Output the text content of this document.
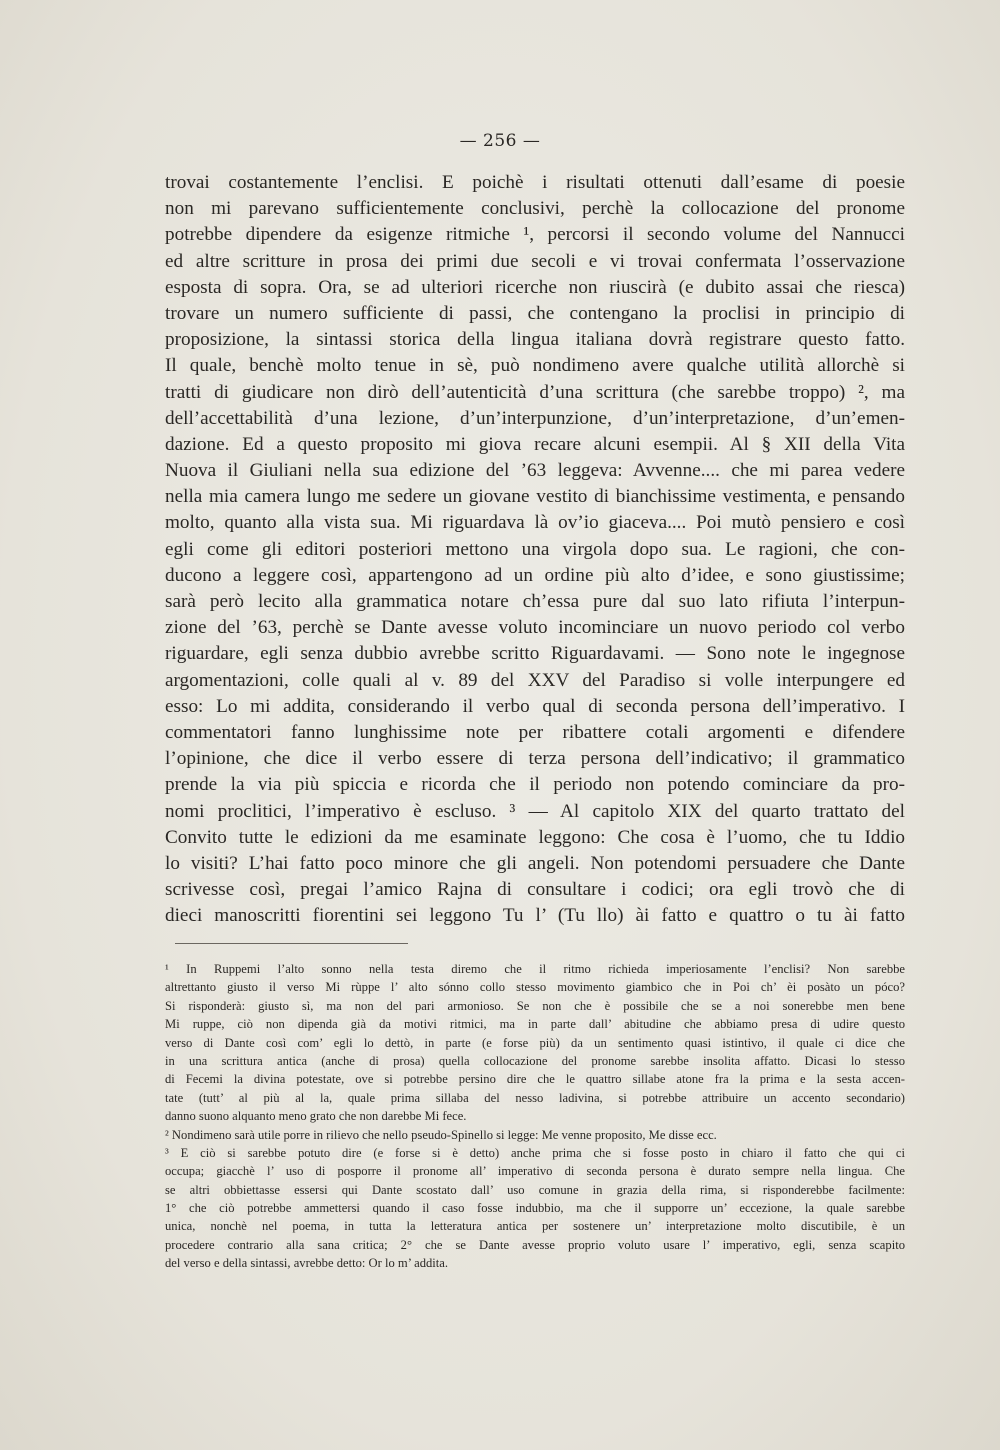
— 256 —
trovai costantemente l’enclisi. E poichè i risultati ottenuti dall’esame di poesie
non mi parevano sufficientemente conclusivi, perchè la collocazione del pronome
potrebbe dipendere da esigenze ritmiche ¹, percorsi il secondo volume del Nannucci
ed altre scritture in prosa dei primi due secoli e vi trovai confermata l’osservazione
esposta di sopra. Ora, se ad ulteriori ricerche non riuscirà (e dubito assai che riesca)
trovare un numero sufficiente di passi, che contengano la proclisi in principio di
proposizione, la sintassi storica della lingua italiana dovrà registrare questo fatto.
Il quale, benchè molto tenue in sè, può nondimeno avere qualche utilità allorchè si
tratti di giudicare non dirò dell’autenticità d’una scrittura (che sarebbe troppo) ², ma
dell’accettabilità d’una lezione, d’un’interpunzione, d’un’interpretazione, d’un’emen-
dazione. Ed a questo proposito mi giova recare alcuni esempii. Al § XII della Vita
Nuova il Giuliani nella sua edizione del ’63 leggeva: Avvenne.... che mi parea vedere
nella mia camera lungo me sedere un giovane vestito di bianchissime vestimenta, e pensando
molto, quanto alla vista sua. Mi riguardava là ov’io giaceva.... Poi mutò pensiero e così
egli come gli editori posteriori mettono una virgola dopo sua. Le ragioni, che con-
ducono a leggere così, appartengono ad un ordine più alto d’idee, e sono giustissime;
sarà però lecito alla grammatica notare ch’essa pure dal suo lato rifiuta l’interpun-
zione del ’63, perchè se Dante avesse voluto incominciare un nuovo periodo col verbo
riguardare, egli senza dubbio avrebbe scritto Riguardavami. — Sono note le ingegnose
argomentazioni, colle quali al v. 89 del XXV del Paradiso si volle interpungere ed
esso: Lo mi addita, considerando il verbo qual di seconda persona dell’imperativo. I
commentatori fanno lunghissime note per ribattere cotali argomenti e difendere
l’opinione, che dice il verbo essere di terza persona dell’indicativo; il grammatico
prende la via più spiccia e ricorda che il periodo non potendo cominciare da pro-
nomi proclitici, l’imperativo è escluso. ³ — Al capitolo XIX del quarto trattato del
Convito tutte le edizioni da me esaminate leggono: Che cosa è l’uomo, che tu Iddio
lo visiti? L’hai fatto poco minore che gli angeli. Non potendomi persuadere che Dante
scrivesse così, pregai l’amico Rajna di consultare i codici; ora egli trovò che di
dieci manoscritti fiorentini sei leggono Tu l’ (Tu llo) ài fatto e quattro o tu ài fatto
¹ In Ruppemi l’alto sonno nella testa diremo che il ritmo richieda imperiosamente l’enclisi? Non sarebbe
altrettanto giusto il verso Mi rùppe l’ alto sónno collo stesso movimento giambico che in Poi ch’ èi posàto un póco?
Si risponderà: giusto sì, ma non del pari armonioso. Se non che è possibile che se a noi sonerebbe men bene
Mi ruppe, ciò non dipenda già da motivi ritmici, ma in parte dall’ abitudine che abbiamo presa di udire questo
verso di Dante così com’ egli lo dettò, in parte (e forse più) da un sentimento quasi istintivo, il quale ci dice che
in una scrittura antica (anche di prosa) quella collocazione del pronome sarebbe insolita affatto. Dicasi lo stesso
di Fecemi la divina potestate, ove si potrebbe persino dire che le quattro sillabe atone fra la prima e la sesta accen-
tate (tutt’ al più al la, quale prima sillaba del nesso ladivina, si potrebbe attribuire un accento secondario)
danno suono alquanto meno grato che non darebbe Mi fece.
² Nondimeno sarà utile porre in rilievo che nello pseudo-Spinello si legge: Me venne proposito, Me disse ecc.
³ E ciò si sarebbe potuto dire (e forse si è detto) anche prima che si fosse posto in chiaro il fatto che qui ci
occupa; giacchè l’ uso di posporre il pronome all’ imperativo di seconda persona è durato sempre nella lingua. Che
se altri obbiettasse essersi qui Dante scostato dall’ uso comune in grazia della rima, si risponderebbe facilmente:
1° che ciò potrebbe ammettersi quando il caso fosse indubbio, ma che il supporre un’ eccezione, la quale sarebbe
unica, nonchè nel poema, in tutta la letteratura antica per sostenere un’ interpretazione molto discutibile, è un
procedere contrario alla sana critica; 2° che se Dante avesse proprio voluto usare l’ imperativo, egli, senza scapito
del verso e della sintassi, avrebbe detto: Or lo m’ addita.
